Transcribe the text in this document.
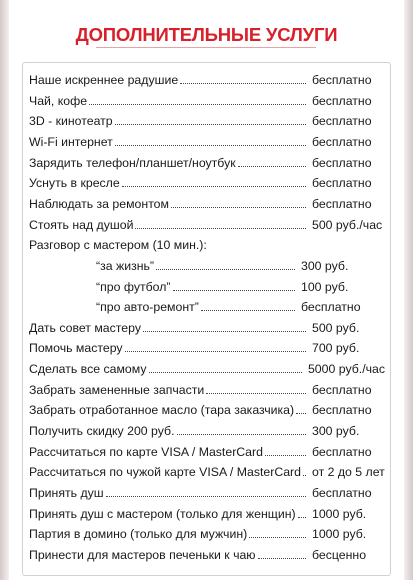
ДОПОЛНИТЕЛЬНЫЕ УСЛУГИ
Наше искреннее радушие	бесплатно
Чай, кофе	бесплатно
3D - кинотеатр	бесплатно
Wi-Fi интернет	бесплатно
Зарядить телефон/планшет/ноутбук	бесплатно
Уснуть в кресле	бесплатно
Наблюдать за ремонтом	бесплатно
Стоять над душой	500 руб./час
Разговор с мастером (10 мин.):
“за жизнь”	300 руб.
“про футбол”	100 руб.
“про авто-ремонт”	бесплатно
Дать совет мастеру	500 руб.
Помочь мастеру	700 руб.
Сделать все самому	5000 руб./час
Забрать замененные запчасти	бесплатно
Забрать отработанное масло (тара заказчика) бесплатно
Получить скидку 200 руб.	300 руб.
Рассчитаться по карте VISA / MasterCard	бесплатно
Рассчитаться по чужой карте VISA / MasterCard от 2 до 5 лет
Принять душ	бесплатно
Принять душ с мастером (только для женщин) 1000 руб.
Партия в домино (только для мужчин)	1000 руб.
Принести для мастеров печеньки к чаю	бесценно
